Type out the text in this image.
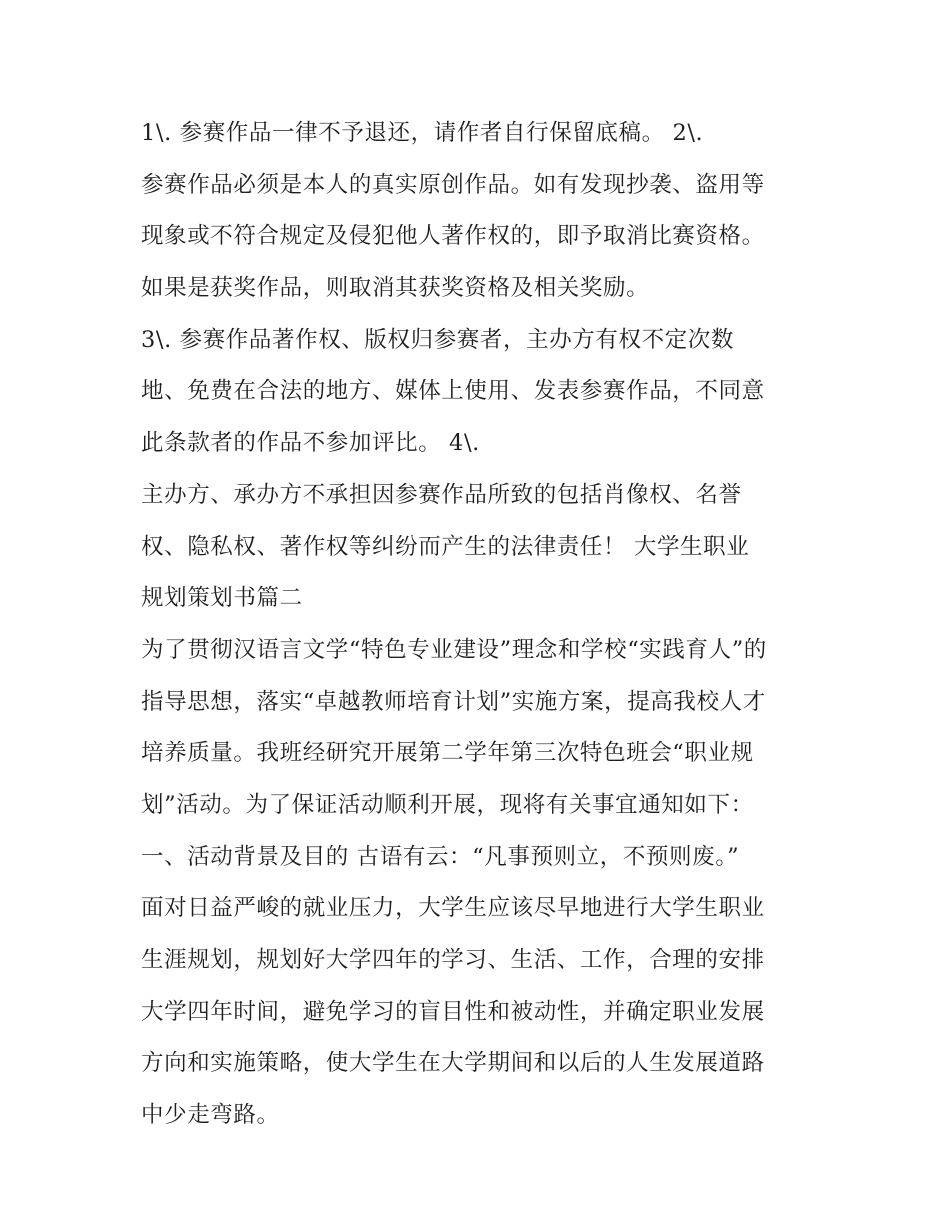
1\. 参赛作品一律不予退还，请作者自行保留底稿。 2\.
参赛作品必须是本人的真实原创作品。如有发现抄袭、盗用等
现象或不符合规定及侵犯他人著作权的，即予取消比赛资格。
如果是获奖作品，则取消其获奖资格及相关奖励。
3\. 参赛作品著作权、版权归参赛者，主办方有权不定次数
地、免费在合法的地方、媒体上使用、发表参赛作品，不同意
此条款者的作品不参加评比。 4\.
主办方、承办方不承担因参赛作品所致的包括肖像权、名誉
权、隐私权、著作权等纠纷而产生的法律责任！ 大学生职业
规划策划书篇二
为了贯彻汉语言文学“特色专业建设”理念和学校“实践育人”的
指导思想，落实“卓越教师培育计划”实施方案，提高我校人才
培养质量。我班经研究开展第二学年第三次特色班会“职业规
划”活动。为了保证活动顺利开展，现将有关事宜通知如下：
一、活动背景及目的 古语有云：“凡事预则立，不预则废。”
面对日益严峻的就业压力，大学生应该尽早地进行大学生职业
生涯规划，规划好大学四年的学习、生活、工作，合理的安排
大学四年时间，避免学习的盲目性和被动性，并确定职业发展
方向和实施策略，使大学生在大学期间和以后的人生发展道路
中少走弯路。
